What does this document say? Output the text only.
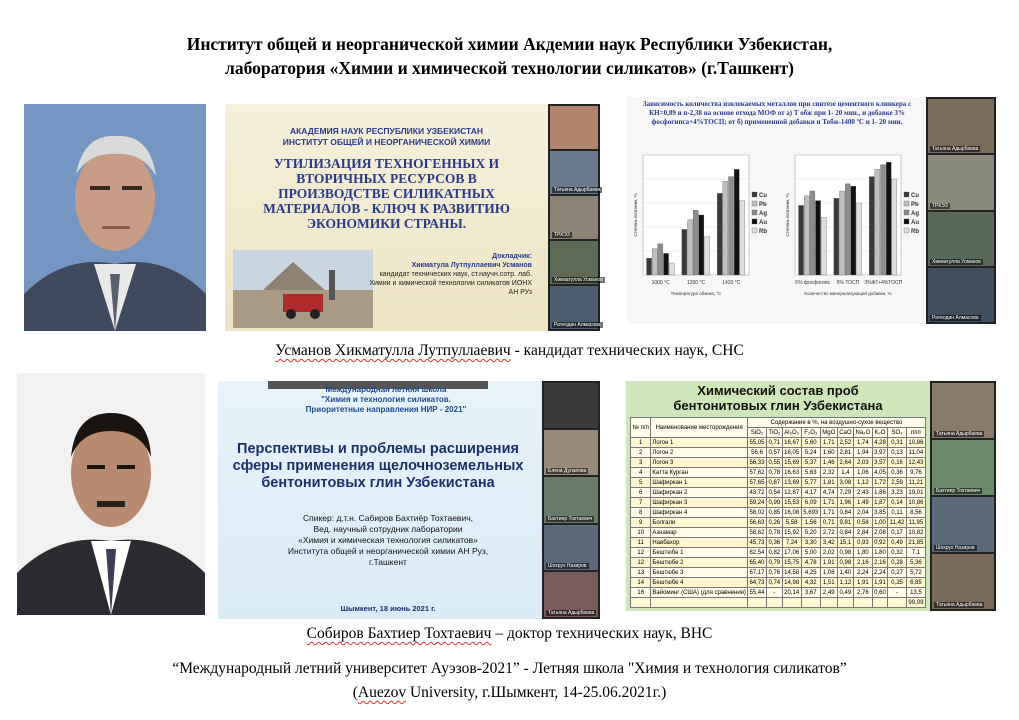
Институт общей и неорганической химии Акдемии наук Республики Узбекистан,
лаборатория «Химии и химической технологии силикатов» (г.Ташкент)
АКАДЕМИЯ НАУК РЕСПУБЛИКИ УЗБЕКИСТАН
ИНСТИТУТ ОБЩЕЙ И НЕОРГАНИЧЕСКОЙ ХИМИИ
УТИЛИЗАЦИЯ ТЕХНОГЕННЫХ И ВТОРИЧНЫХ РЕСУРСОВ В ПРОИЗВОДСТВЕ СИЛИКАТНЫХ МАТЕРИАЛОВ - КЛЮЧ К РАЗВИТИЮ ЭКОНОМИКИ СТРАНЫ.
Докладчик:
Хикматула Лутпуллаевич Усманов
кандидат технических наук, ст.научн.сотр. лаб. Химии и химической технологии силикатов ИОНХ АН РУз
Татьяна Адырбаева
ТРКЭЗ
Хикматулла Усманов
Ратеодин Алмасова
Зависимость количества извлекаемых металлов при синтезе цементного клинкера с КН=0,89 и п-2,38 на основе отхода МОФ от а) Т обж при 1- 20 мин., и добавке 3% фосфогипса+4%ТОСП; от б) примененной добавки и Тобж-1400 ºС и 1- 20 мин.
1000 °С	1200 °С	1420 °С
Температура обжига, °С
Степень возгонки, %	Cu
Pb
Ag
Au
Rb
5% фосфогипс 5% ТОСП 3%ФГ+4%ТОСП
Количество минерализующей добавки, %
Степень возгонки, %	Cu
Pb
Ag
Au
Rb
Татьяна Адырбаева
ТРКЭЗ
Хикматулла Усманов
Ратеодин Алмасова
Усманов Хикматулла Лутпуллаевич - кандидат технических наук, СНС
Международная летняя школа
"Химия и технология силикатов.
Приоритетные направления НИР - 2021"
Перспективы и проблемы расширения сферы применения щелочноземельных бентонитовых глин Узбекистана
Спикер: д.т.н. Сабиров Бахтиёр Тохтаевич,
Вед. научный сотрудник лаборатории
«Химия и химическая технология силикатов»
Института общей и неорганической химии АН Руз,
г.Ташкент
Шымкент, 18 июнь 2021 г.
Елена Дулапова
Бахтиер Тохтаевич
Шохрух Назиров
Татьяна Адырбаева
Химический состав проб
бентонитовых глин Узбекистана
№ п/п	Наименование месторождения	Содержание в %, на воздушно-сухое вещество									
		SiO₂	TiO₂	Al₂O₃	F₂O₃	MgO	CaO	Na₂O	K₂O	SO₃	ппп
1	Логон 1	55,05	0,71	16,67	5,60	1,71	2,52	1,74	4,28	0,31	10,86
2	Логон 2	56,6	0,57	16,05	5,24	1,60	2,81	1,94	3,97	0,13	11,04
3	Логон 3	56,33	0,55	15,69	5,37	1,46	2,64	2,03	3,57	0,16	12,43
4	Катта Курган	57,62	0,78	16,63	5,63	2,32	1,4	1,06	4,05	0,36	9,76
5	Шафиркан 1	57,65	0,87	13,69	5,77	1,81	3,08	1,12	1,72	2,59	11,21
6	Шафиркан 2	43,72	0,54	12,87	4,17	4,74	7,29	2,43	1,86	3,23	19,01
7	Шафиркан 3	59,24	0,99	15,53	6,09	1,71	1,96	1,49	1,87	0,14	10,86
8	Шафиркан 4	58,02	0,85	16,08	5,693	1,71	0,84	2,04	3,85	0,11	8,56
9	Болгали	56,63	0,26	5,58	1,56	0,71	9,81	0,58	1,00	11,42	11,95
10	Азнамар	58,62	0,78	15,92	5,20	2,72	0,84	2,84	2,08	0,17	10,82
11	Навбахор	45,73	0,36	7,24	3,30	3,42	15,1	0,93	0,92	0,49	21,85
12	Бештюбе 1	62,54	0,82	17,06	5,00	2,02	0,98	1,80	1,80	0,32	7,1
12	Бештюбе 2	65,40	0,79	15,75	4,78	1,91	0,98	2,16	2,16	0,28	5,36
13	Бештюбе 3	67,17	0,76	14,58	4,25	1,08	1,40	2,24	2,24	0,27	5,72
14	Бештюбе 4	64,73	0,74	14,98	4,32	1,51	1,12	1,91	1,91	0,25	6,85
16	Вайоминг (США) (для сравнения)	55,44	-	20,14	3,67	2,49	0,49	2,76	0,60	-	13,5
											99,09
Татьяна Адырбаева
Бахтиер Тохтаевич
Шохрух Назиров
Татьяна Адырбаева
Собиров Бахтиер Тохтаевич – доктор технических наук, ВНС
“Международный летний университет Ауэзов-2021” - Летняя школа "Химия и технология силикатов”
(Auezov University, г.Шымкент, 14-25.06.2021г.)
